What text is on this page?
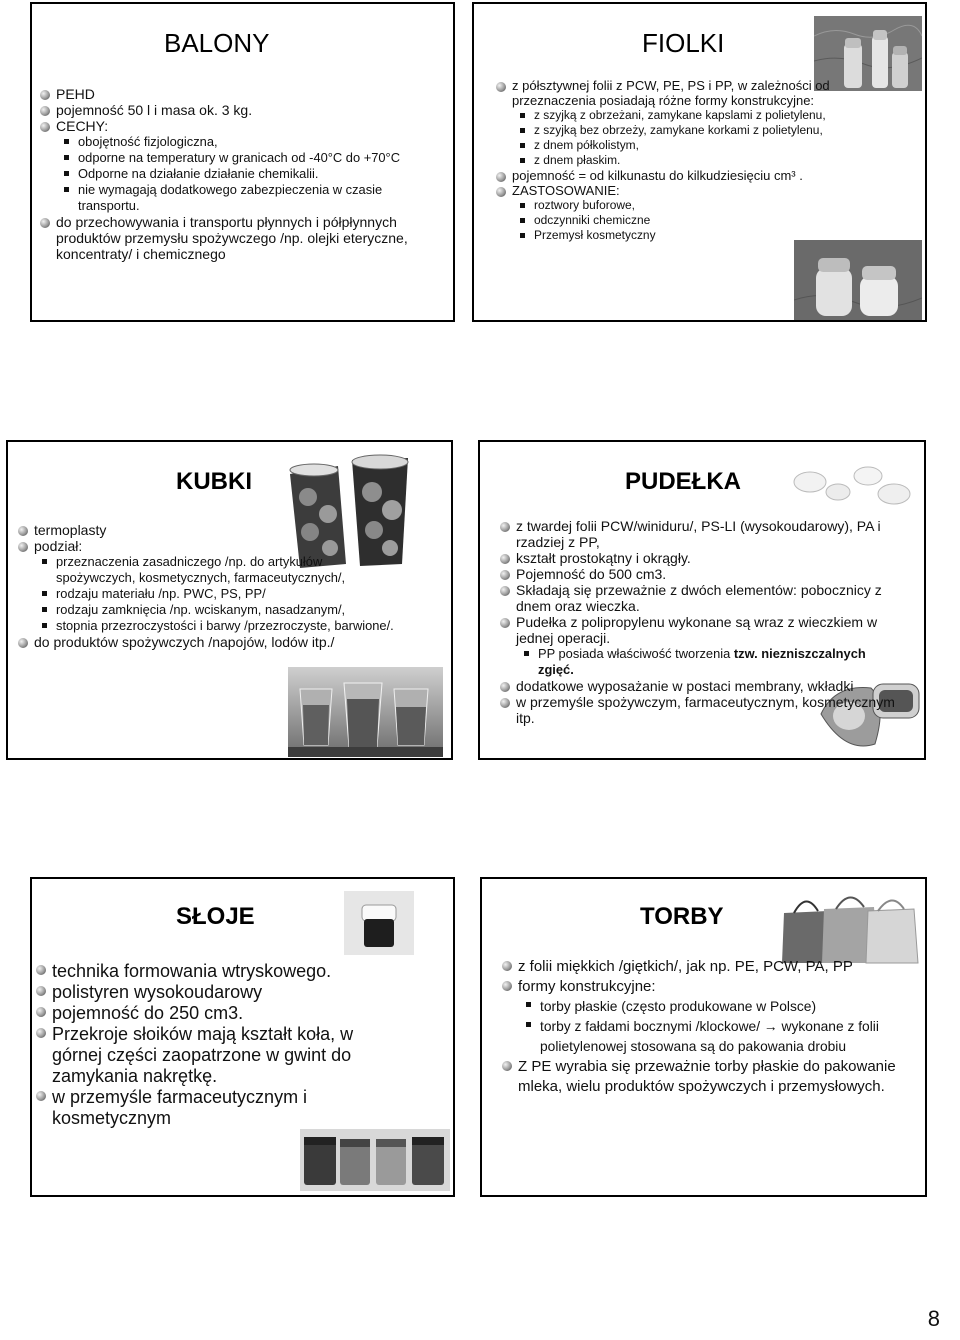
BALONY
PEHD
pojemność 50 l i masa ok. 3 kg.
CECHY:
obojętność fizjologiczna,
odporne na temperatury w granicach od -40°C do +70°C
Odporne na działanie działanie chemikalii.
nie wymagają dodatkowego zabezpieczenia w czasie transportu.
do przechowywania i transportu płynnych i półpłynnych produktów przemysłu spożywczego /np. olejki eteryczne, koncentraty/ i chemicznego
FIOLKI
z półsztywnej folii z PCW, PE, PS i PP, w zależności od przeznaczenia posiadają różne formy konstrukcyjne:
z szyjką z obrzeżani, zamykane kapslami z polietylenu,
z szyjką bez obrzeży, zamykane korkami z polietylenu,
z dnem półkolistym,
z dnem płaskim.
pojemność = od kilkunastu do kilkudziesięciu cm³ .
ZASTOSOWANIE:
roztwory buforowe,
odczynniki chemiczne
Przemysł kosmetyczny
KUBKI
termoplasty
podział:
przeznaczenia zasadniczego /np. do artykułów spożywczych, kosmetycznych, farmaceutycznych/,
rodzaju materiału /np. PWC, PS, PP/
rodzaju zamknięcia /np. wciskanym, nasadzanym/,
stopnia przezroczystości i barwy /przezroczyste, barwione/.
do produktów spożywczych /napojów, lodów itp./
PUDEŁKA
z twardej folii PCW/winiduru/, PS-LI (wysokoudarowy), PA i rzadziej z PP,
kształt prostokątny i okrągły.
Pojemność do 500 cm3.
Składają się przeważnie z dwóch elementów: pobocznicy z dnem oraz wieczka.
Pudełka z polipropylenu wykonane są wraz z wieczkiem w jednej operacji.
PP posiada właściwość tworzenia tzw. niezniszczalnych zgięć.
dodatkowe wyposażanie w postaci membrany, wkładki
w przemyśle spożywczym, farmaceutycznym, kosmetycznym itp.
SŁOJE
technika formowania wtryskowego.
polistyren wysokoudarowy
pojemność do 250 cm3.
Przekroje słoików mają kształt koła, w górnej części zaopatrzone w gwint do zamykania nakrętkę.
w przemyśle farmaceutycznym i kosmetycznym
TORBY
z folii miękkich /giętkich/, jak np. PE, PCW, PA, PP
formy konstrukcyjne:
torby płaskie (często produkowane w Polsce)
torby z fałdami bocznymi /klockowe/ → wykonane z folii polietylenowej stosowana są do pakowania drobiu
Z PE wyrabia się przeważnie torby płaskie do pakowanie mleka, wielu produktów spożywczych i przemysłowych.
8
